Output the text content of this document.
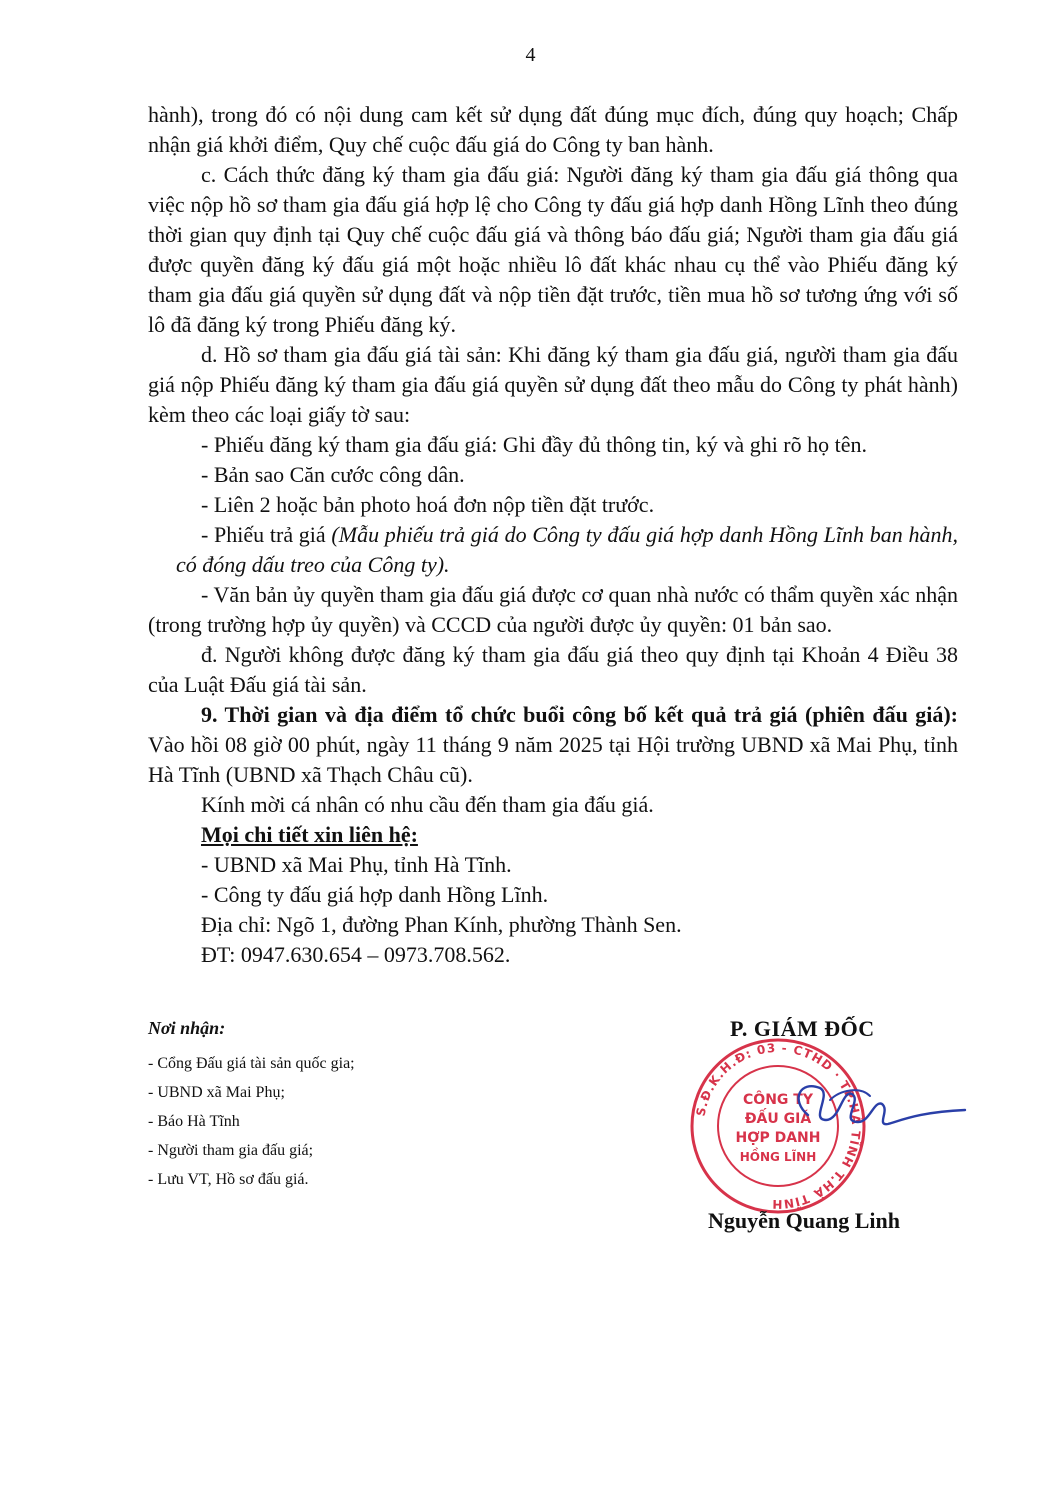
4

hành), trong đó có nội dung cam kết sử dụng đất đúng mục đích, đúng quy hoạch; Chấp nhận giá khởi điểm, Quy chế cuộc đấu giá do Công ty ban hành.

c. Cách thức đăng ký tham gia đấu giá: Người đăng ký tham gia đấu giá thông qua việc nộp hồ sơ tham gia đấu giá hợp lệ cho Công ty đấu giá hợp danh Hồng Lĩnh theo đúng thời gian quy định tại Quy chế cuộc đấu giá và thông báo đấu giá; Người tham gia đấu giá được quyền đăng ký đấu giá một hoặc nhiều lô đất khác nhau cụ thể vào Phiếu đăng ký tham gia đấu giá quyền sử dụng đất và nộp tiền đặt trước, tiền mua hồ sơ tương ứng với số lô đã đăng ký trong Phiếu đăng ký.

d. Hồ sơ tham gia đấu giá tài sản: Khi đăng ký tham gia đấu giá, người tham gia đấu giá nộp Phiếu đăng ký tham gia đấu giá quyền sử dụng đất theo mẫu do Công ty phát hành) kèm theo các loại giấy tờ sau:

- Phiếu đăng ký tham gia đấu giá: Ghi đầy đủ thông tin, ký và ghi rõ họ tên.

- Bản sao Căn cước công dân.

- Liên 2 hoặc bản photo hoá đơn nộp tiền đặt trước.

- Phiếu trả giá (Mẫu phiếu trả giá do Công ty đấu giá hợp danh Hồng Lĩnh ban hành, có đóng dấu treo của Công ty).

- Văn bản ủy quyền tham gia đấu giá được cơ quan nhà nước có thẩm quyền xác nhận (trong trường hợp ủy quyền) và CCCD của người được ủy quyền: 01 bản sao.

đ. Người không được đăng ký tham gia đấu giá theo quy định tại Khoản 4 Điều 38 của Luật Đấu giá tài sản.

9. Thời gian và địa điểm tổ chức buổi công bố kết quả trả giá (phiên đấu giá): Vào hồi 08 giờ 00 phút, ngày 11 tháng 9 năm 2025 tại Hội trường UBND xã Mai Phụ, tỉnh Hà Tĩnh (UBND xã Thạch Châu cũ).

Kính mời cá nhân có nhu cầu đến tham gia đấu giá.

Mọi chi tiết xin liên hệ:

- UBND xã Mai Phụ, tỉnh Hà Tĩnh.

- Công ty đấu giá hợp danh Hồng Lĩnh.

Địa chỉ: Ngõ 1, đường Phan Kính, phường Thành Sen.

ĐT: 0947.630.654 – 0973.708.562.

Nơi nhận:
- Cổng Đấu giá tài sản quốc gia;
- UBND xã Mai Phụ;
- Báo Hà Tĩnh
- Người tham gia đấu giá;
- Lưu VT, Hồ sơ đấu giá.
P. GIÁM ĐỐC
S.Đ.K.H.Đ: 03 - CTHD · TP.HÀ TĨNH T.HÀ TĨNH
CÔNG TY
ĐẤU GIÁ
HỢP DANH
HỒNG LĨNH
Nguyễn Quang Linh
